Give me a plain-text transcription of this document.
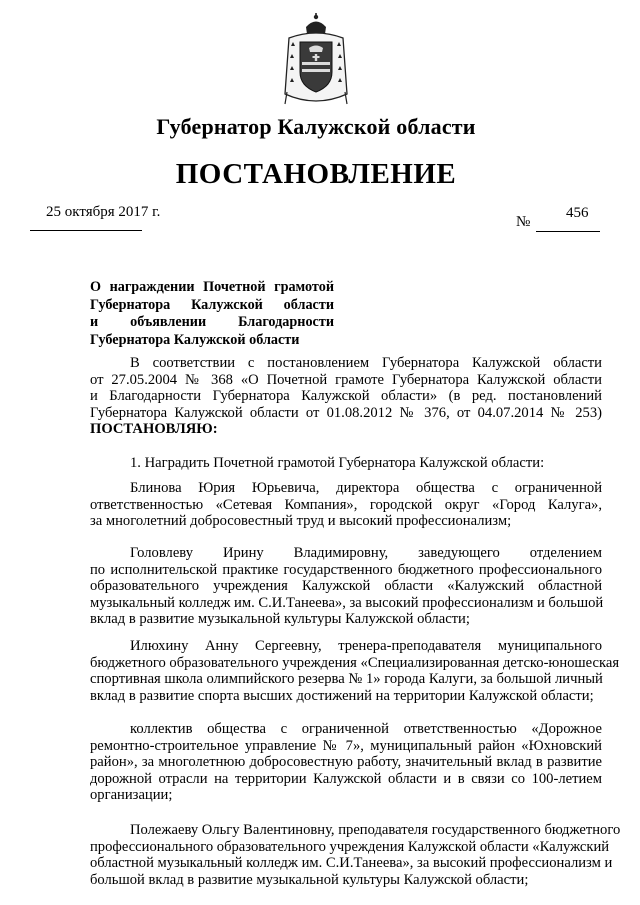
Губернатор Калужской области
ПОСТАНОВЛЕНИЕ
25 октября 2017 г.
№
456
О награждении Почетной грамотой
Губернатора Калужской области
и объявлении Благодарности
Губернатора Калужской области
В соответствии с постановлением Губернатора Калужской области
от 27.05.2004 № 368 «О Почетной грамоте Губернатора Калужской области
и Благодарности Губернатора Калужской области» (в ред. постановлений
Губернатора Калужской области от 01.08.2012 № 376, от 04.07.2014 № 253)
ПОСТАНОВЛЯЮ:
1. Наградить Почетной грамотой Губернатора Калужской области:
Блинова Юрия Юрьевича, директора общества с ограниченной
ответственностью «Сетевая Компания», городской округ «Город Калуга»,
за многолетний добросовестный труд и высокий профессионализм;
Головлеву Ирину Владимировну, заведующего отделением
по исполнительской практике государственного бюджетного профессионального
образовательного учреждения Калужской области «Калужский областной
музыкальный колледж им. С.И.Танеева», за высокий профессионализм и большой
вклад в развитие музыкальной культуры Калужской области;
Илюхину Анну Сергеевну, тренера-преподавателя муниципального
бюджетного образовательного учреждения «Специализированная детско-юношеская
спортивная школа олимпийского резерва № 1» города Калуги, за большой личный
вклад в развитие спорта высших достижений на территории Калужской области;
коллектив общества с ограниченной ответственностью «Дорожное
ремонтно-строительное управление № 7», муниципальный район «Юхновский
район», за многолетнюю добросовестную работу, значительный вклад в развитие
дорожной отрасли на территории Калужской области и в связи со 100-летием
организации;
Полежаеву Ольгу Валентиновну, преподавателя государственного бюджетного
профессионального образовательного учреждения Калужской области «Калужский
областной музыкальный колледж им. С.И.Танеева», за высокий профессионализм и
большой вклад в развитие музыкальной культуры Калужской области;
